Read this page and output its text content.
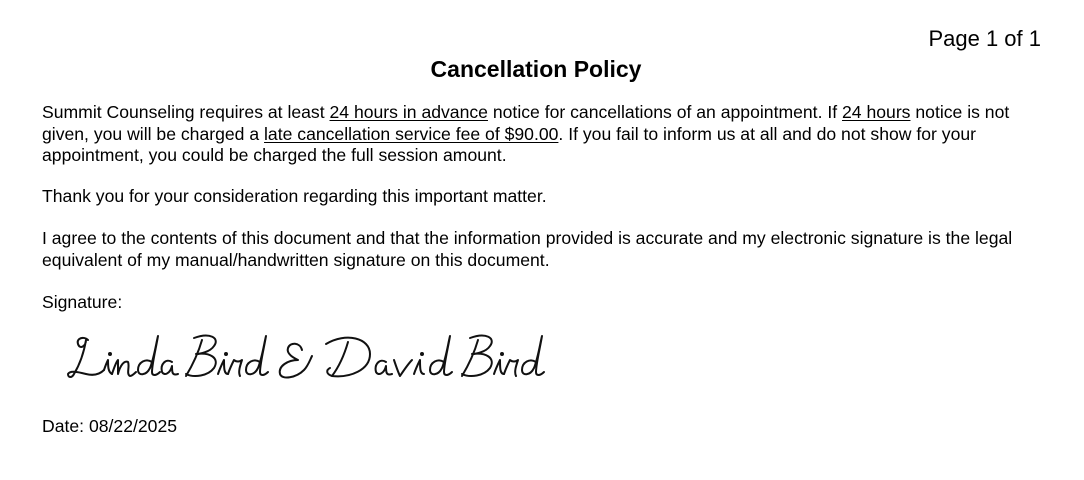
Page 1 of 1
Cancellation Policy

Summit Counseling requires at least 24 hours in advance notice for cancellations of an appointment. If 24 hours notice is not given, you will be charged a late cancellation service fee of $90.00. If you fail to inform us at all and do not show for your appointment, you could be charged the full session amount.

Thank you for your consideration regarding this important matter.

I agree to the contents of this document and that the information provided is accurate and my electronic signature is the legal equivalent of my manual/handwritten signature on this document.

Signature:
Date: 08/22/2025
